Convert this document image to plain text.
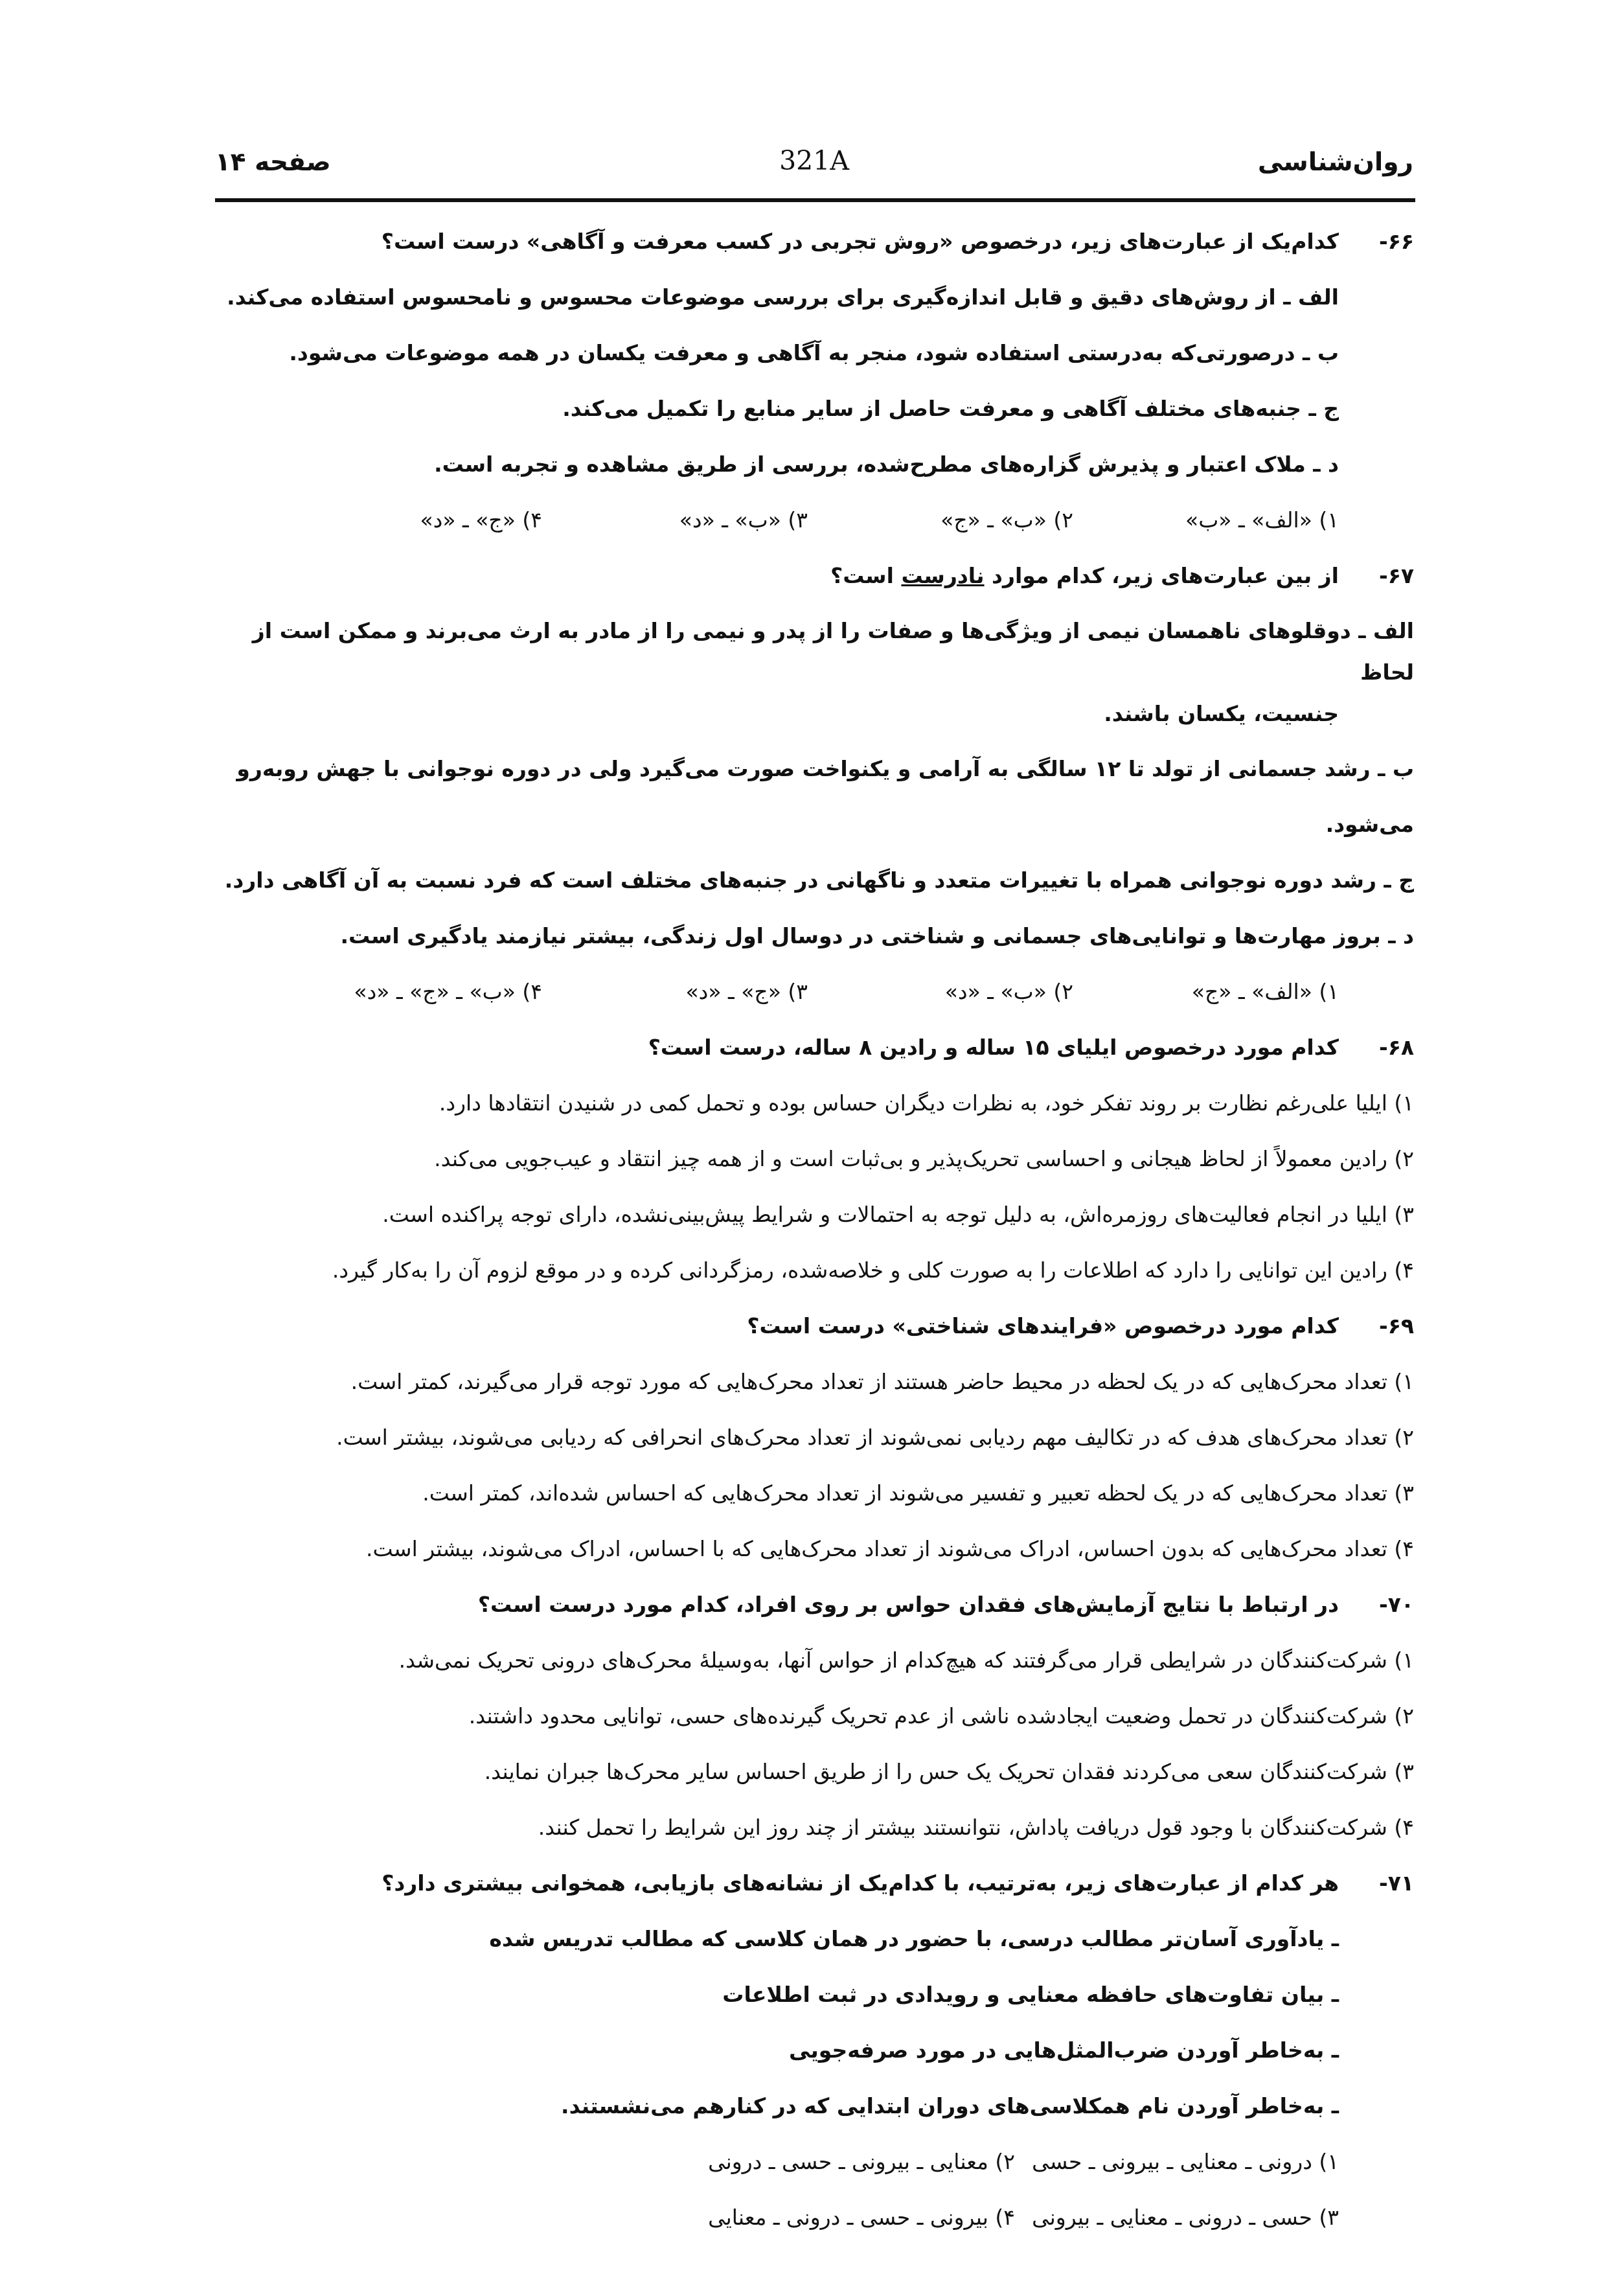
روان‌شناسی
321A
صفحه ۱۴
۶۶-
کدام‌یک از عبارت‌های زیر، درخصوص «روش تجربی در کسب معرفت و آگاهی» درست است؟
الف ـ از روش‌های دقیق و قابل اندازه‌گیری برای بررسی موضوعات محسوس و نامحسوس استفاده می‌کند.
ب ـ درصورتی‌که به‌درستی استفاده شود، منجر به آگاهی و معرفت یکسان در همه موضوعات می‌شود.
ج ـ جنبه‌های مختلف آگاهی و معرفت حاصل از سایر منابع را تکمیل می‌کند.
د ـ ملاک اعتبار و پذیرش گزاره‌های مطرح‌شده، بررسی از طریق مشاهده و تجربه است.
۱) «الف» ـ «ب»
۲) «ب» ـ «ج»
۳) «ب» ـ «د»
۴) «ج» ـ «د»
۶۷-
از بین عبارت‌های زیر، کدام موارد نادرست است؟
الف ـ دوقلوهای ناهمسان نیمی از ویژگی‌ها و صفات را از پدر و نیمی را از مادر به ارث می‌برند و ممکن است از لحاظ
جنسیت، یکسان باشند.
ب ـ رشد جسمانی از تولد تا ۱۲ سالگی به آرامی و یکنواخت صورت می‌گیرد ولی در دوره نوجوانی با جهش روبه‌رو می‌شود.
ج ـ رشد دوره نوجوانی همراه با تغییرات متعدد و ناگهانی در جنبه‌های مختلف است که فرد نسبت به آن آگاهی دارد.
د ـ بروز مهارت‌ها و توانایی‌های جسمانی و شناختی در دوسال اول زندگی، بیشتر نیازمند یادگیری است.
۱) «الف» ـ «ج»
۲) «ب» ـ «د»
۳) «ج» ـ «د»
۴) «ب» ـ «ج» ـ «د»
۶۸-
کدام مورد درخصوص ایلیای ۱۵ ساله و رادین ۸ ساله، درست است؟
۱) ایلیا علی‌رغم نظارت بر روند تفکر خود، به نظرات دیگران حساس بوده و تحمل کمی در شنیدن انتقادها دارد.
۲) رادین معمولاً از لحاظ هیجانی و احساسی تحریک‌پذیر و بی‌ثبات است و از همه چیز انتقاد و عیب‌جویی می‌کند.
۳) ایلیا در انجام فعالیت‌های روزمره‌اش، به دلیل توجه به احتمالات و شرایط پیش‌بینی‌نشده، دارای توجه پراکنده است.
۴) رادین این توانایی را دارد که اطلاعات را به صورت کلی و خلاصه‌شده، رمزگردانی کرده و در موقع لزوم آن را به‌کار گیرد.
۶۹-
کدام مورد درخصوص «فرایندهای شناختی» درست است؟
۱) تعداد محرک‌هایی که در یک لحظه در محیط حاضر هستند از تعداد محرک‌هایی که مورد توجه قرار می‌گیرند، کمتر است.
۲) تعداد محرک‌های هدف که در تکالیف مهم ردیابی نمی‌شوند از تعداد محرک‌های انحرافی که ردیابی می‌شوند، بیشتر است.
۳) تعداد محرک‌هایی که در یک لحظه تعبیر و تفسیر می‌شوند از تعداد محرک‌هایی که احساس شده‌اند، کمتر است.
۴) تعداد محرک‌هایی که بدون احساس، ادراک می‌شوند از تعداد محرک‌هایی که با احساس، ادراک می‌شوند، بیشتر است.
۷۰-
در ارتباط با نتایج آزمایش‌های فقدان حواس بر روی افراد، کدام مورد درست است؟
۱) شرکت‌کنندگان در شرایطی قرار می‌گرفتند که هیچ‌کدام از حواس آنها، به‌وسیلهٔ محرک‌های درونی تحریک نمی‌شد.
۲) شرکت‌کنندگان در تحمل وضعیت ایجادشده ناشی از عدم تحریک گیرنده‌های حسی، توانایی محدود داشتند.
۳) شرکت‌کنندگان سعی می‌کردند فقدان تحریک یک حس را از طریق احساس سایر محرک‌ها جبران نمایند.
۴) شرکت‌کنندگان با وجود قول دریافت پاداش، نتوانستند بیشتر از چند روز این شرایط را تحمل کنند.
۷۱-
هر کدام از عبارت‌های زیر، به‌ترتیب، با کدام‌یک از نشانه‌های بازیابی، همخوانی بیشتری دارد؟
ـ یادآوری آسان‌تر مطالب درسی، با حضور در همان کلاسی که مطالب تدریس شده
ـ بیان تفاوت‌های حافظه معنایی و رویدادی در ثبت اطلاعات
ـ به‌خاطر آوردن ضرب‌المثل‌هایی در مورد صرفه‌جویی
ـ به‌خاطر آوردن نام همکلاسی‌های دوران ابتدایی که در کنارهم می‌نشستند.
۱) درونی ـ معنایی ـ بیرونی ـ حسی
۲) معنایی ـ بیرونی ـ حسی ـ درونی
۳) حسی ـ درونی ـ معنایی ـ بیرونی
۴) بیرونی ـ حسی ـ درونی ـ معنایی
